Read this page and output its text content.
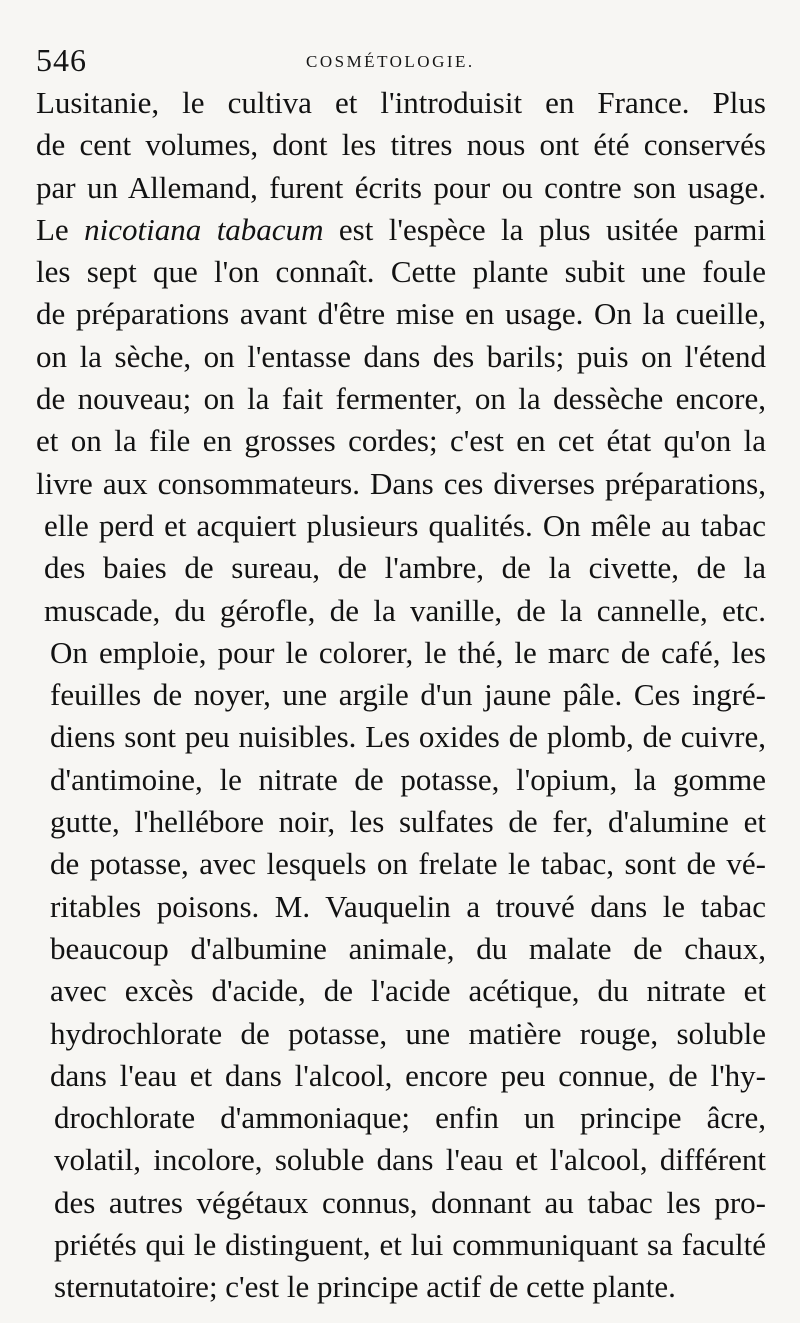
546	COSMÉTOLOGIE.
Lusitanie, le cultiva et l'introduisit en France. Plus
de cent volumes, dont les titres nous ont été conservés
par un Allemand, furent écrits pour ou contre son usage.
Le nicotiana tabacum est l'espèce la plus usitée parmi
les sept que l'on connaît. Cette plante subit une foule
de préparations avant d'être mise en usage. On la cueille,
on la sèche, on l'entasse dans des barils; puis on l'étend
de nouveau; on la fait fermenter, on la dessèche encore,
et on la file en grosses cordes; c'est en cet état qu'on la
livre aux consommateurs. Dans ces diverses préparations,
elle perd et acquiert plusieurs qualités. On mêle au tabac
des baies de sureau, de l'ambre, de la civette, de la
muscade, du gérofle, de la vanille, de la cannelle, etc.
On emploie, pour le colorer, le thé, le marc de café, les
feuilles de noyer, une argile d'un jaune pâle. Ces ingré-
diens sont peu nuisibles. Les oxides de plomb, de cuivre,
d'antimoine, le nitrate de potasse, l'opium, la gomme
gutte, l'hellébore noir, les sulfates de fer, d'alumine et
de potasse, avec lesquels on frelate le tabac, sont de vé-
ritables poisons. M. Vauquelin a trouvé dans le tabac
beaucoup d'albumine animale, du malate de chaux,
avec excès d'acide, de l'acide acétique, du nitrate et
hydrochlorate de potasse, une matière rouge, soluble
dans l'eau et dans l'alcool, encore peu connue, de l'hy-
drochlorate d'ammoniaque; enfin un principe âcre,
volatil, incolore, soluble dans l'eau et l'alcool, différent
des autres végétaux connus, donnant au tabac les pro-
priétés qui le distinguent, et lui communiquant sa faculté
sternutatoire; c'est le principe actif de cette plante.
